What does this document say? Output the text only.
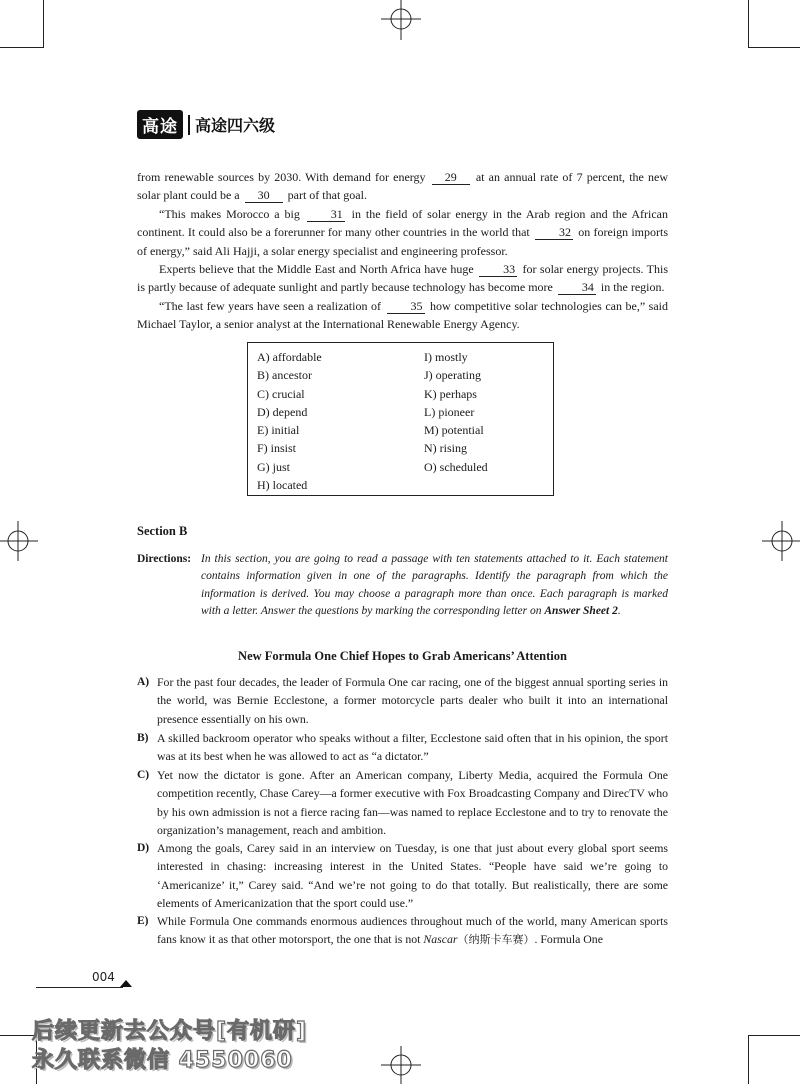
高途	高途四六级

from renewable sources by 2030. With demand for energy 29 at an annual rate of 7 percent, the new solar plant could be a 30 part of that goal.

“This makes Morocco a big	31 in the field of solar energy in the Arab region and the African continent. It could also be a forerunner for many other countries in the world that 32 on foreign imports of energy,” said Ali Hajji, a solar energy specialist and engineering professor.

Experts believe that the Middle East and North Africa have huge 33 for solar energy projects. This is partly because of adequate sunlight and partly because technology has become more 34 in the region.

“The last few years have seen a realization of 35 how competitive solar technologies can be,” said Michael Taylor, a senior analyst at the International Renewable Energy Agency.

A) affordable
B) ancestor
C) crucial
D) depend
E) initial
F) insist
G) just
H) located
I) mostly
J) operating
K) perhaps
L) pioneer
M) potential
N) rising
O) scheduled
Section B
Directions: In this section, you are going to read a passage with ten statements attached to it. Each statement contains information given in one of the paragraphs. Identify the paragraph from which the information is derived. You may choose a paragraph more than once. Each paragraph is marked with a letter. Answer the questions by marking the corresponding letter on Answer Sheet 2.

New Formula One Chief Hopes to Grab Americans’ Attention
A) For the past four decades, the leader of Formula One car racing, one of the biggest annual sporting series in the world, was Bernie Ecclestone, a former motorcycle parts dealer who built it into an international presence essentially on his own.

B) A skilled backroom operator who speaks without a filter, Ecclestone said often that in his opinion, the sport was at its best when he was allowed to act as “a dictator.”

C) Yet now the dictator is gone. After an American company, Liberty Media, acquired the Formula One competition recently, Chase Carey—a former executive with Fox Broadcasting Company and DirecTV who by his own admission is not a fierce racing fan—was named to replace Ecclestone and to try to renovate the organization’s management, reach and ambition.

D) Among the goals, Carey said in an interview on Tuesday, is one that just about every global sport seems interested in chasing: increasing interest in the United States. “People have said we’re going to ‘Americanize’ it,” Carey said. “And we’re not going to do that totally. But realistically, there are some elements of Americanization that the sport could use.”

E) While Formula One commands enormous audiences throughout much of the world, many American sports fans know it as that other motorsport, the one that is not Nascar（纳斯卡车赛）. Formula One

004
后续更新去公众号[有机研]
永久联系微信 4550060
